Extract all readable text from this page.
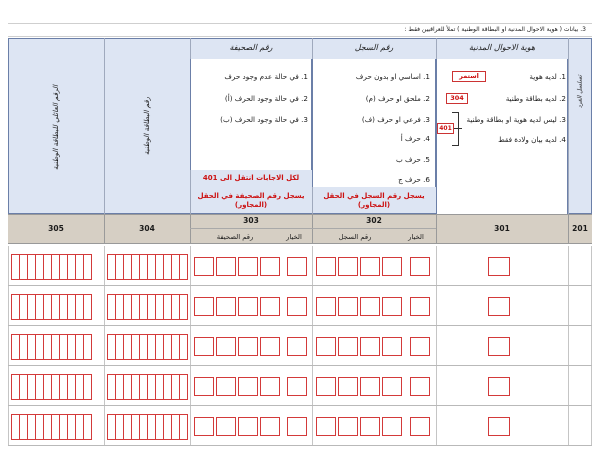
3. بيانات ( هوية الاحوال المدنية او البطاقة الوطنية ) تملأ للعراقيين فقط :
هوية الاحوال المدنية
رقم السجل
رقم الصحيفة
رقم البطاقة الوطنية
الرقم العائلي للبطاقة الوطنية	تسلسل الفرد
1. لديه هوية
2. لديه بطاقة وطنية
3. ليس لديه هوية او بطاقة وطنية
4. لديه بيان ولادة فقط
استمر
304
401
1. اساسي او بدون حرف
2. ملحق او حرف (م)
3. فرعي او حرف (ف)
4. حرف أ
5. حرف ب
6. حرف ج
1. في حالة عدم وجود حرف
2. في حالة وجود الحرف (أ)
3. في حالة وجود الحرف (ب)
لكل الاجابات انتقل الى 401
يسجل رقم الصحيفة في الحقل (المجاور)
يسجل رقم السجل في الحقل (المجاور)
201
301
302
303
304
305
الخيار
رقم السجل
الخيار
رقم الصحيفة
